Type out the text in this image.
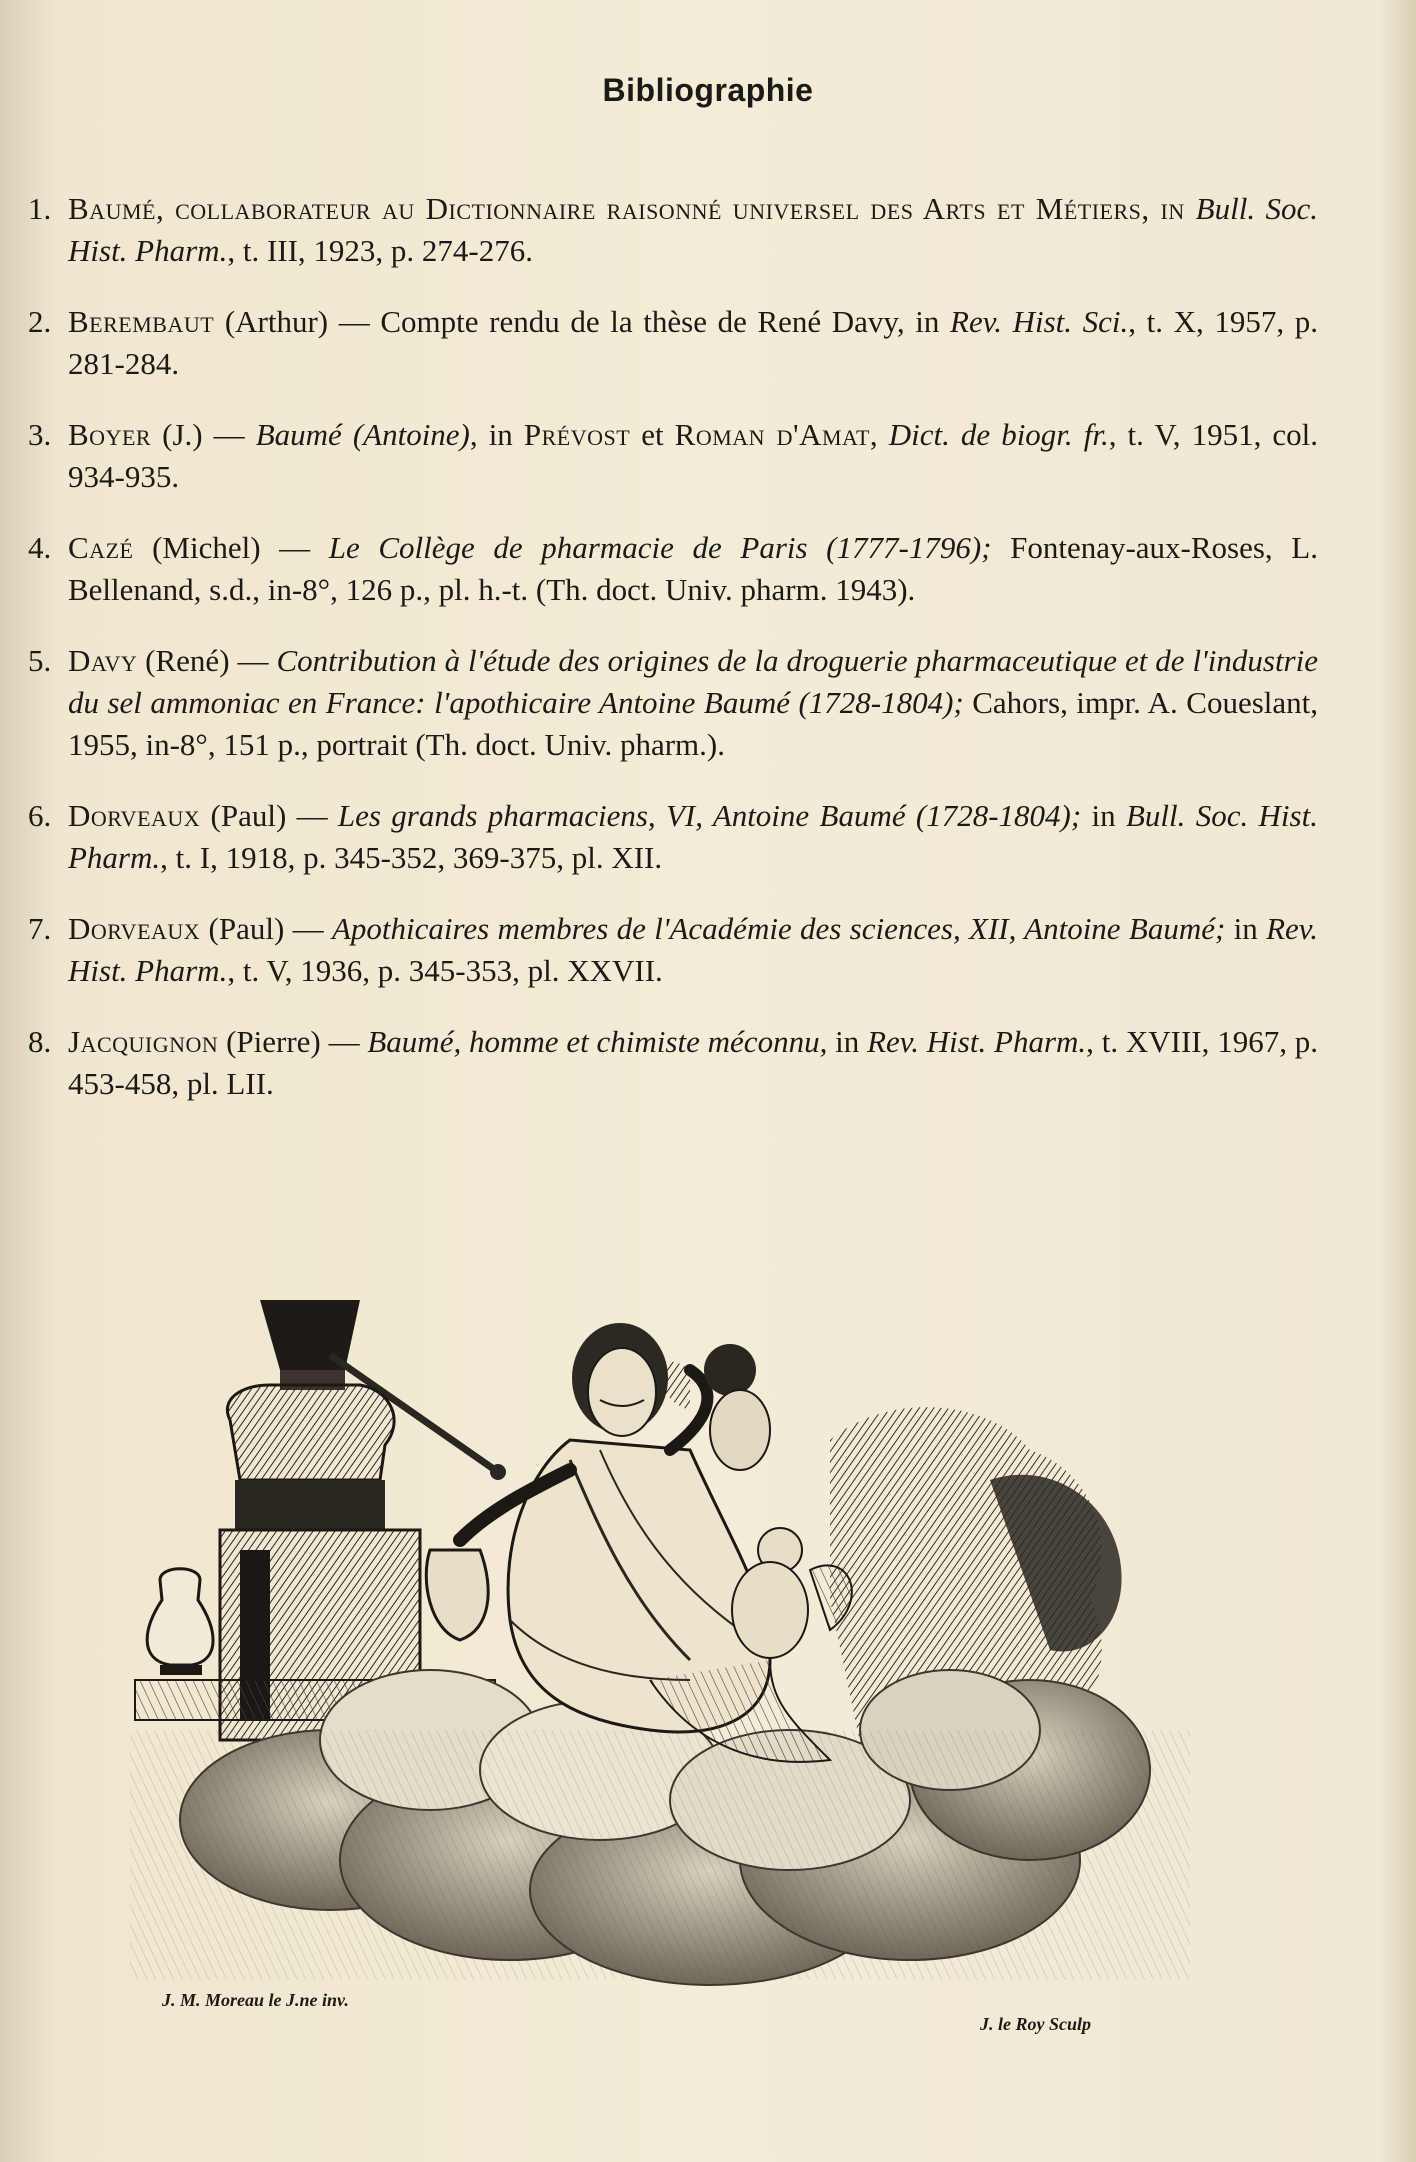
Bibliographie
1. Baumé, collaborateur au Dictionnaire raisonné universel des Arts et Métiers, in Bull. Soc. Hist. Pharm., t. III, 1923, p. 274-276.
2. Berembaut (Arthur) — Compte rendu de la thèse de René Davy, in Rev. Hist. Sci., t. X, 1957, p. 281-284.
3. Boyer (J.) — Baumé (Antoine), in Prévost et Roman d'Amat, Dict. de biogr. fr., t. V, 1951, col. 934-935.
4. Cazé (Michel) — Le Collège de pharmacie de Paris (1777-1796); Fontenay-aux-Roses, L. Bellenand, s.d., in-8°, 126 p., pl. h.-t. (Th. doct. Univ. pharm. 1943).
5. Davy (René) — Contribution à l'étude des origines de la droguerie pharmaceutique et de l'industrie du sel ammoniac en France: l'apothicaire Antoine Baumé (1728-1804); Cahors, impr. A. Coueslant, 1955, in-8°, 151 p., portrait (Th. doct. Univ. pharm.).
6. Dorveaux (Paul) — Les grands pharmaciens, VI, Antoine Baumé (1728-1804); in Bull. Soc. Hist. Pharm., t. I, 1918, p. 345-352, 369-375, pl. XII.
7. Dorveaux (Paul) — Apothicaires membres de l'Académie des sciences, XII, Antoine Baumé; in Rev. Hist. Pharm., t. V, 1936, p. 345-353, pl. XXVII.
8. Jacquignon (Pierre) — Baumé, homme et chimiste méconnu, in Rev. Hist. Pharm., t. XVIII, 1967, p. 453-458, pl. LII.
J. M. Moreau le J.ne inv.
J. le Roy Sculp
